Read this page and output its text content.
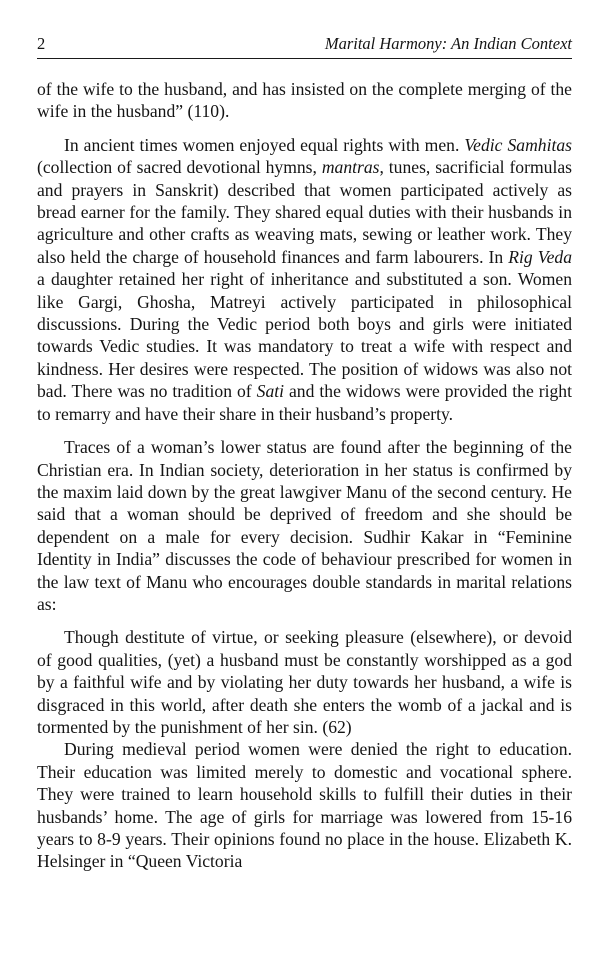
2	Marital Harmony: An Indian Context

of the wife to the husband, and has insisted on the complete merging of the wife in the husband” (110).

In ancient times women enjoyed equal rights with men. Vedic Samhitas (collection of sacred devotional hymns, mantras, tunes, sacrificial formulas and prayers in Sanskrit) described that women participated actively as bread earner for the family. They shared equal duties with their husbands in agriculture and other crafts as weaving mats, sewing or leather work. They also held the charge of household finances and farm labourers. In Rig Veda a daughter retained her right of inheritance and substituted a son. Women like Gargi, Ghosha, Matreyi actively participated in philosophical discussions. During the Vedic period both boys and girls were initiated towards Vedic studies. It was mandatory to treat a wife with respect and kindness. Her desires were respected. The position of widows was also not bad. There was no tradition of Sati and the widows were provided the right to remarry and have their share in their husband’s property.

Traces of a woman’s lower status are found after the beginning of the Christian era. In Indian society, deterioration in her status is confirmed by the maxim laid down by the great lawgiver Manu of the second century. He said that a woman should be deprived of freedom and she should be dependent on a male for every decision. Sudhir Kakar in “Feminine Identity in India” discusses the code of behaviour prescribed for women in the law text of Manu who encourages double standards in marital relations as:

Though destitute of virtue, or seeking pleasure (elsewhere), or devoid of good qualities, (yet) a husband must be constantly worshipped as a god by a faithful wife and by violating her duty towards her husband, a wife is disgraced in this world, after death she enters the womb of a jackal and is tormented by the punishment of her sin. (62)

During medieval period women were denied the right to education. Their education was limited merely to domestic and vocational sphere. They were trained to learn household skills to fulfill their duties in their husbands’ home. The age of girls for marriage was lowered from 15-16 years to 8-9 years. Their opinions found no place in the house. Elizabeth K. Helsinger in “Queen Victoria
